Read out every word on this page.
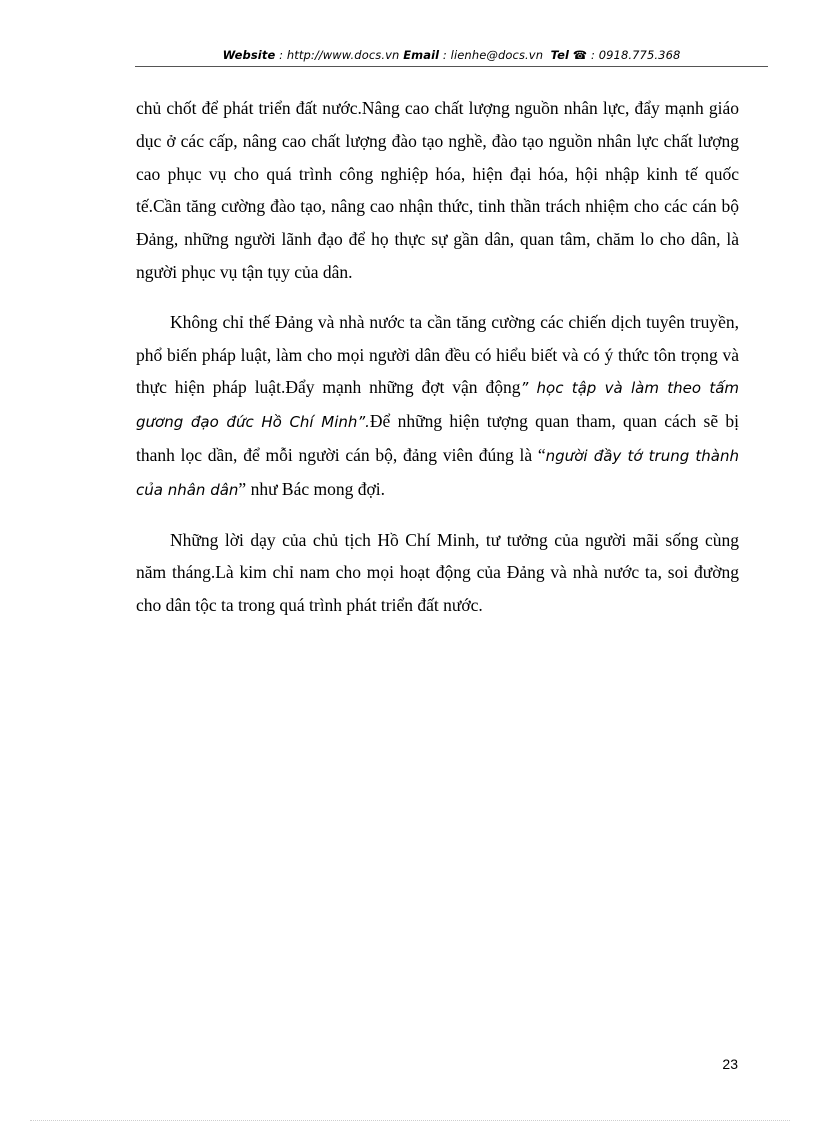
Website : http://www.docs.vn Email : lienhe@docs.vn Tel ☎ : 0918.775.368

chủ chốt để phát triển đất nước.Nâng cao chất lượng nguồn nhân lực, đẩy mạnh giáo dục ở các cấp, nâng cao chất lượng đào tạo nghề, đào tạo nguồn nhân lực chất lượng cao phục vụ cho quá trình công nghiệp hóa, hiện đại hóa, hội nhập kinh tế quốc tế.Cần tăng cường đào tạo, nâng cao nhận thức, tinh thần trách nhiệm cho các cán bộ Đảng, những người lãnh đạo để họ thực sự gần dân, quan tâm, chăm lo cho dân, là người phục vụ tận tụy của dân.

Không chỉ thế Đảng và nhà nước ta cần tăng cường các chiến dịch tuyên truyền, phổ biến pháp luật, làm cho mọi người dân đều có hiểu biết và có ý thức tôn trọng và thực hiện pháp luật.Đẩy mạnh những đợt vận động” học tập và làm theo tấm gương đạo đức Hồ Chí Minh”.Để những hiện tượng quan tham, quan cách sẽ bị thanh lọc dần, để mỗi người cán bộ, đảng viên đúng là “người đầy tớ trung thành của nhân dân” như Bác mong đợi.

Những lời dạy của chủ tịch Hồ Chí Minh, tư tưởng của người mãi sống cùng năm tháng.Là kim chỉ nam cho mọi hoạt động của Đảng và nhà nước ta, soi đường cho dân tộc ta trong quá trình phát triển đất nước.

23
